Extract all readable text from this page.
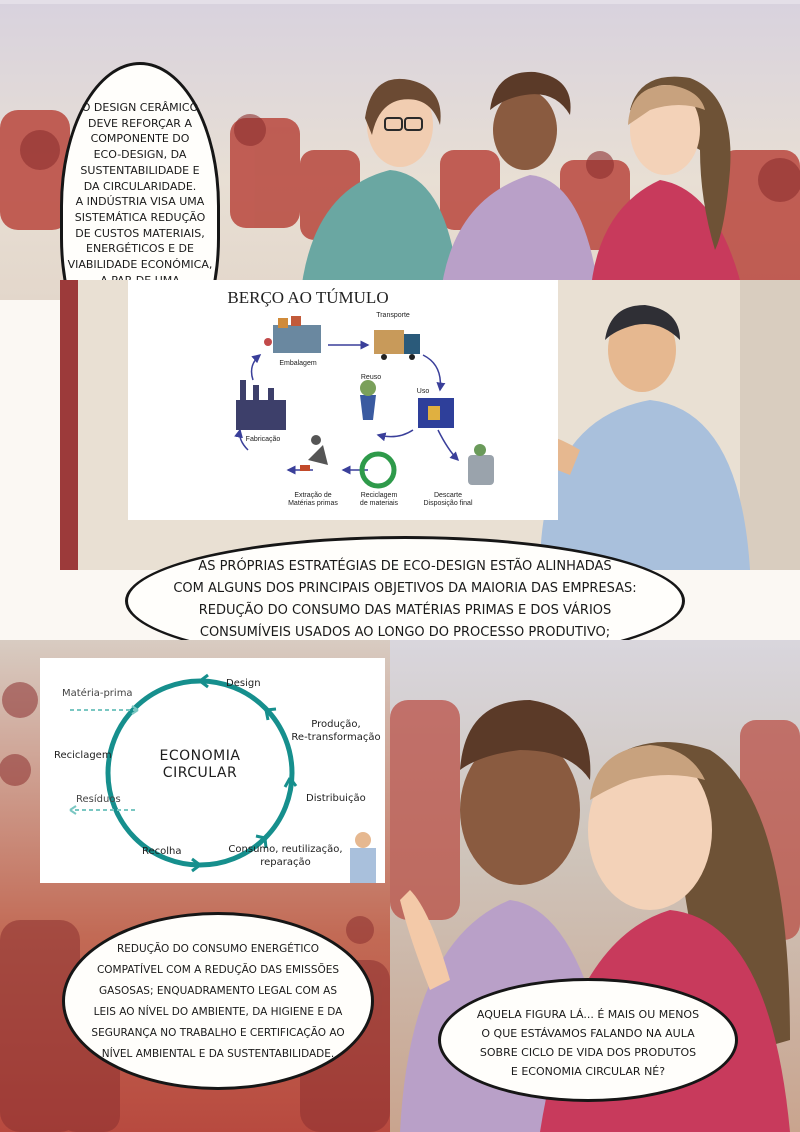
O DESIGN CERÂMICO
DEVE REFORÇAR A
COMPONENTE DO
ECO-DESIGN, DA
SUSTENTABILIDADE E
DA CIRCULARIDADE.
A INDÚSTRIA VISA UMA
SISTEMÁTICA REDUÇÃO
DE CUSTOS MATERIAIS,
ENERGÉTICOS E DE
VIABILIDADE ECONÓMICA,
BERÇO AO TÚMULO
Transporte
Embalagem
Reuso
Uso
Fabricação
Extração de
Matérias primas
Reciclagem
de materiais
Descarte
Disposição final
AS PRÓPRIAS ESTRATÉGIAS DE ECO-DESIGN ESTÃO ALINHADAS
COM ALGUNS DOS PRINCIPAIS OBJETIVOS DA MAIORIA DAS EMPRESAS:
REDUÇÃO DO CONSUMO DAS MATÉRIAS PRIMAS E DOS VÁRIOS
CONSUMÍVEIS USADOS AO LONGO DO PROCESSO PRODUTIVO;
ECONOMIA
CIRCULAR
Design
Produção,
Re-transformação
Distribuição
Consumo, reutilização,
reparação
Recolha
Reciclagem
Matéria-prima
Resíduos
REDUÇÃO DO CONSUMO ENERGÉTICO
COMPATÍVEL COM A REDUÇÃO DAS EMISSÕES
GASOSAS; ENQUADRAMENTO LEGAL COM AS
LEIS AO NÍVEL DO AMBIENTE, DA HIGIENE E DA
SEGURANÇA NO TRABALHO E CERTIFICAÇÃO AO
NÍVEL AMBIENTAL E DA SUSTENTABILIDADE.
AQUELA FIGURA LÁ... É MAIS OU MENOS
O QUE ESTÁVAMOS FALANDO NA AULA
SOBRE CICLO DE VIDA DOS PRODUTOS
E ECONOMIA CIRCULAR NÉ?
